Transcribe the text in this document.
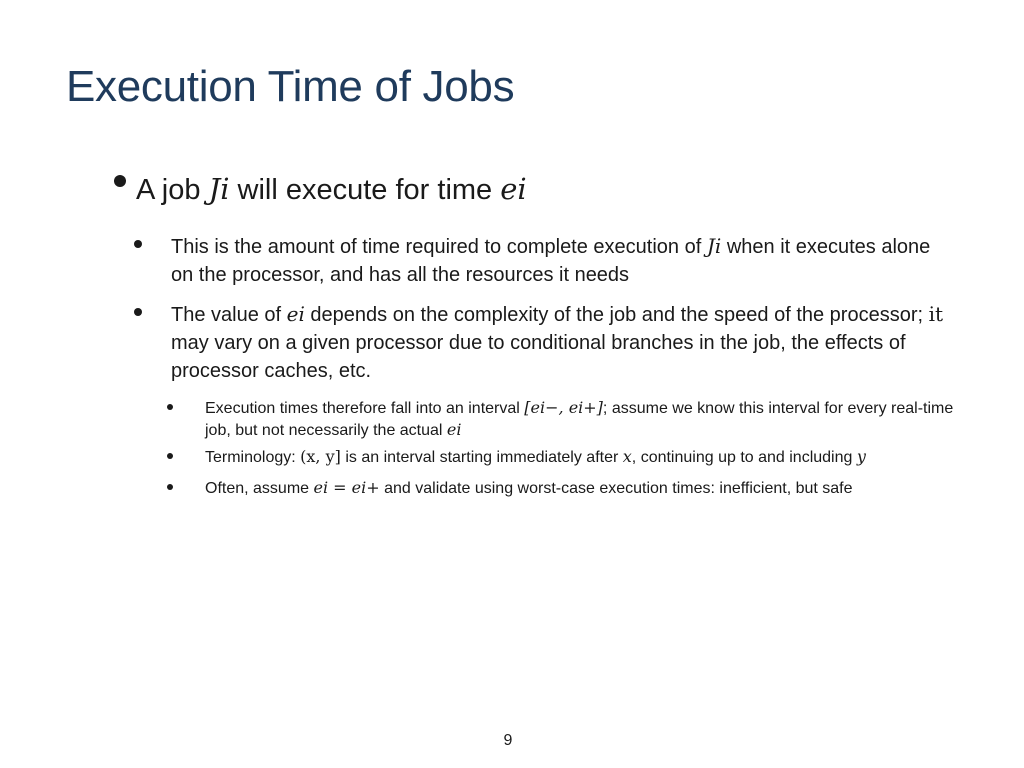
Execution Time of Jobs
A job Ji will execute for time ei
This is the amount of time required to complete execution of Ji when it executes alone on the processor, and has all the resources it needs
The value of ei depends on the complexity of the job and the speed of the processor; it may vary on a given processor due to conditional branches in the job, the effects of processor caches, etc.
Execution times therefore fall into an interval [ei−, ei+]; assume we know this interval for every real-time job, but not necessarily the actual ei
Terminology: (x, y] is an interval starting immediately after x, continuing up to and including y
Often, assume ei = ei+ and validate using worst-case execution times: inefficient, but safe
9
